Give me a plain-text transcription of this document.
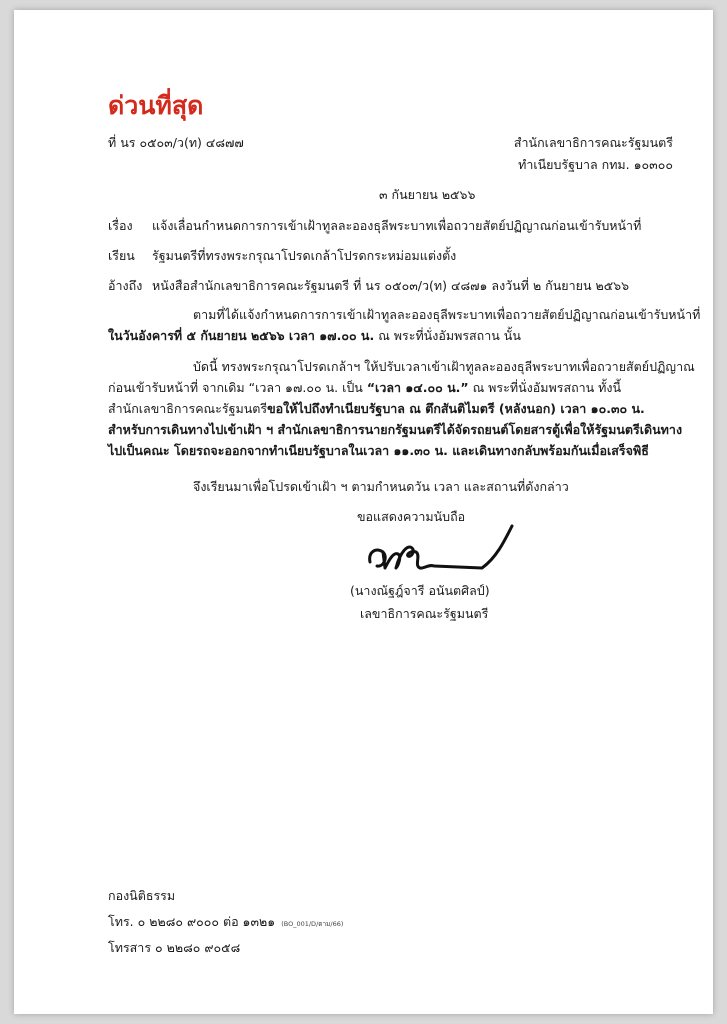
ด่วนที่สุด
ที่ นร ๐๕๐๓/ว(ท) ๔๘๗๗	สำนักเลขาธิการคณะรัฐมนตรี
ทำเนียบรัฐบาล กทม. ๑๐๓๐๐
๓ กันยายน ๒๕๖๖
เรื่อง แจ้งเลื่อนกำหนดการการเข้าเฝ้าทูลละอองธุลีพระบาทเพื่อถวายสัตย์ปฏิญาณก่อนเข้ารับหน้าที่
เรียน รัฐมนตรีที่ทรงพระกรุณาโปรดเกล้าโปรดกระหม่อมแต่งตั้ง
อ้างถึง หนังสือสำนักเลขาธิการคณะรัฐมนตรี ที่ นร ๐๕๐๓/ว(ท) ๔๘๗๑ ลงวันที่ ๒ กันยายน ๒๕๖๖
ตามที่ได้แจ้งกำหนดการการเข้าเฝ้าทูลละอองธุลีพระบาทเพื่อถวายสัตย์ปฏิญาณก่อนเข้ารับหน้าที่
ในวันอังคารที่ ๕ กันยายน ๒๕๖๖ เวลา ๑๗.๐๐ น. ณ พระที่นั่งอัมพรสถาน นั้น
บัดนี้ ทรงพระกรุณาโปรดเกล้าฯ ให้ปรับเวลาเข้าเฝ้าทูลละอองธุลีพระบาทเพื่อถวายสัตย์ปฏิญาณ
ก่อนเข้ารับหน้าที่ จากเดิม “เวลา ๑๗.๐๐ น. เป็น “เวลา ๑๔.๐๐ น.” ณ พระที่นั่งอัมพรสถาน ทั้งนี้
สำนักเลขาธิการคณะรัฐมนตรีขอให้ไปถึงทำเนียบรัฐบาล ณ ตึกสันติไมตรี (หลังนอก) เวลา ๑๐.๓๐ น.
สำหรับการเดินทางไปเข้าเฝ้า ฯ สำนักเลขาธิการนายกรัฐมนตรีได้จัดรถยนต์โดยสารตู้เพื่อให้รัฐมนตรีเดินทาง
ไปเป็นคณะ โดยรถจะออกจากทำเนียบรัฐบาลในเวลา ๑๑.๓๐ น. และเดินทางกลับพร้อมกันเมื่อเสร็จพิธี
จึงเรียนมาเพื่อโปรดเข้าเฝ้า ฯ ตามกำหนดวัน เวลา และสถานที่ดังกล่าว
ขอแสดงความนับถือ
(นางณัฐฎ์จารี อนันตศิลป์)
เลขาธิการคณะรัฐมนตรี
กองนิติธรรม
โทร. ๐ ๒๒๘๐ ๙๐๐๐ ต่อ ๑๓๒๑ (BO_001/D/ตาม/66)
โทรสาร ๐ ๒๒๘๐ ๙๐๕๘
